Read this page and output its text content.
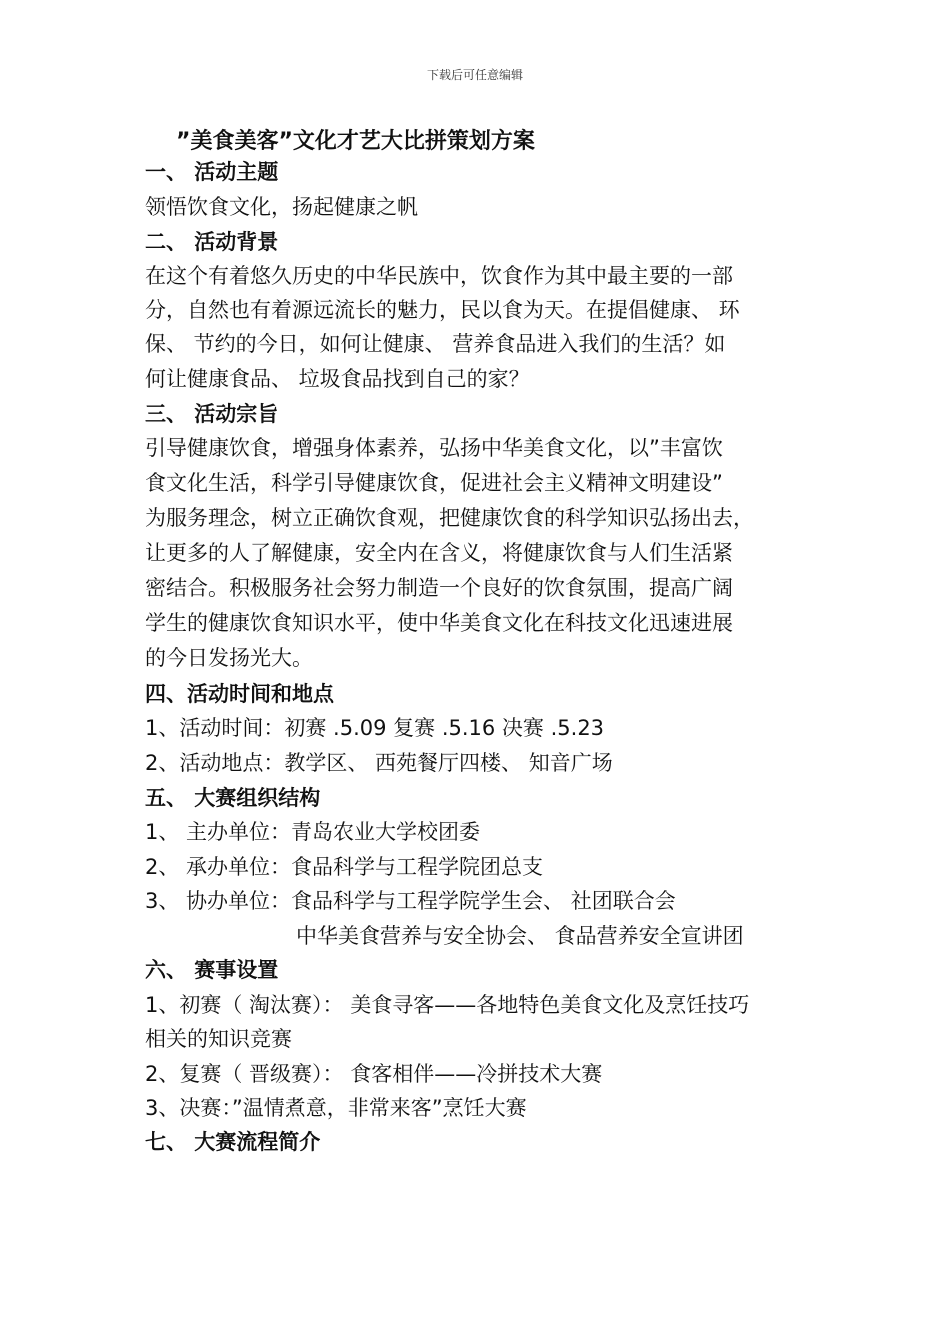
下载后可任意编辑
”美食美客”文化才艺大比拼策划方案
一、 活动主题
领悟饮食文化，扬起健康之帆
二、 活动背景
在这个有着悠久历史的中华民族中，饮食作为其中最主要的一部
分，自然也有着源远流长的魅力，民以食为天。在提倡健康、 环
保、 节约的今日，如何让健康、 营养食品进入我们的生活？如
何让健康食品、 垃圾食品找到自己的家？
三、 活动宗旨
引导健康饮食，增强身体素养，弘扬中华美食文化，以”丰富饮
食文化生活，科学引导健康饮食，促进社会主义精神文明建设”
为服务理念，树立正确饮食观，把健康饮食的科学知识弘扬出去，
让更多的人了解健康，安全内在含义，将健康饮食与人们生活紧
密结合。积极服务社会努力制造一个良好的饮食氛围，提高广阔
学生的健康饮食知识水平，使中华美食文化在科技文化迅速进展
的今日发扬光大。
四、活动时间和地点
1、活动时间：初赛 .5.09 复赛 .5.16 决赛 .5.23
2、活动地点：教学区、 西苑餐厅四楼、 知音广场
五、 大赛组织结构
1、 主办单位：青岛农业大学校团委
2、 承办单位：食品科学与工程学院团总支
3、 协办单位：食品科学与工程学院学生会、 社团联合会
中华美食营养与安全协会、 食品营养安全宣讲团
六、 赛事设置
1、初赛（ 淘汰赛）： 美食寻客——各地特色美食文化及烹饪技巧
相关的知识竞赛
2、复赛（ 晋级赛）： 食客相伴——冷拼技术大赛
3、决赛：”温情煮意，非常来客”烹饪大赛
七、 大赛流程简介
